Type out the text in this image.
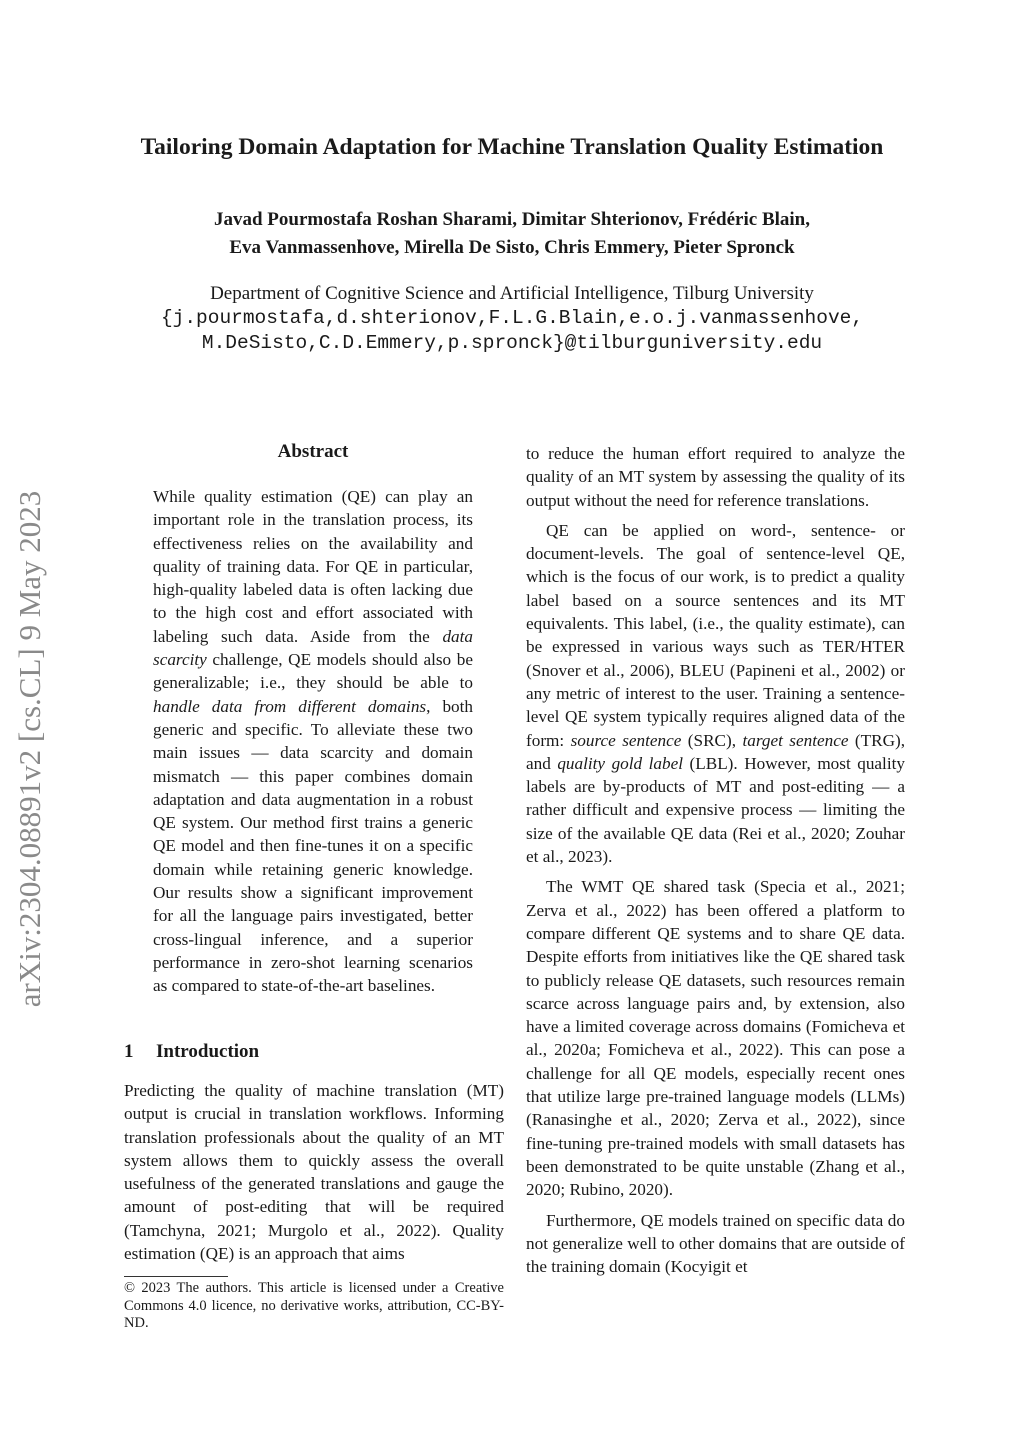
Tailoring Domain Adaptation for Machine Translation Quality Estimation
Javad Pourmostafa Roshan Sharami, Dimitar Shterionov, Frédéric Blain,
Eva Vanmassenhove, Mirella De Sisto, Chris Emmery, Pieter Spronck
Department of Cognitive Science and Artificial Intelligence, Tilburg University
{j.pourmostafa,d.shterionov,F.L.G.Blain,e.o.j.vanmassenhove,
M.DeSisto,C.D.Emmery,p.spronck}@tilburguniversity.edu
arXiv:2304.08891v2 [cs.CL] 9 May 2023
Abstract

While quality estimation (QE) can play an important role in the translation process, its effectiveness relies on the availability and quality of training data. For QE in particular, high-quality labeled data is often lacking due to the high cost and effort associated with labeling such data. Aside from the data scarcity challenge, QE models should also be generalizable; i.e., they should be able to handle data from different domains, both generic and specific. To alleviate these two main issues — data scarcity and domain mismatch — this paper combines domain adaptation and data augmentation in a robust QE system. Our method first trains a generic QE model and then fine-tunes it on a specific domain while retaining generic knowledge. Our results show a significant improvement for all the language pairs investigated, better cross-lingual inference, and a superior performance in zero-shot learning scenarios as compared to state-of-the-art baselines.

1 Introduction

Predicting the quality of machine translation (MT) output is crucial in translation workflows. Informing translation professionals about the quality of an MT system allows them to quickly assess the overall usefulness of the generated translations and gauge the amount of post-editing that will be required (Tamchyna, 2021; Murgolo et al., 2022). Quality estimation (QE) is an approach that aims

© 2023 The authors. This article is licensed under a Creative Commons 4.0 licence, no derivative works, attribution, CC-BY-ND.

to reduce the human effort required to analyze the quality of an MT system by assessing the quality of its output without the need for reference translations.

QE can be applied on word-, sentence- or document-levels. The goal of sentence-level QE, which is the focus of our work, is to predict a quality label based on a source sentences and its MT equivalents. This label, (i.e., the quality estimate), can be expressed in various ways such as TER/HTER (Snover et al., 2006), BLEU (Papineni et al., 2002) or any metric of interest to the user. Training a sentence-level QE system typically requires aligned data of the form: source sentence (SRC), target sentence (TRG), and quality gold label (LBL). However, most quality labels are by-products of MT and post-editing — a rather difficult and expensive process — limiting the size of the available QE data (Rei et al., 2020; Zouhar et al., 2023).

The WMT QE shared task (Specia et al., 2021; Zerva et al., 2022) has been offered a platform to compare different QE systems and to share QE data. Despite efforts from initiatives like the QE shared task to publicly release QE datasets, such resources remain scarce across language pairs and, by extension, also have a limited coverage across domains (Fomicheva et al., 2020a; Fomicheva et al., 2022). This can pose a challenge for all QE models, especially recent ones that utilize large pre-trained language models (LLMs) (Ranasinghe et al., 2020; Zerva et al., 2022), since fine-tuning pre-trained models with small datasets has been demonstrated to be quite unstable (Zhang et al., 2020; Rubino, 2020).

Furthermore, QE models trained on specific data do not generalize well to other domains that are outside of the training domain (Kocyigit et
